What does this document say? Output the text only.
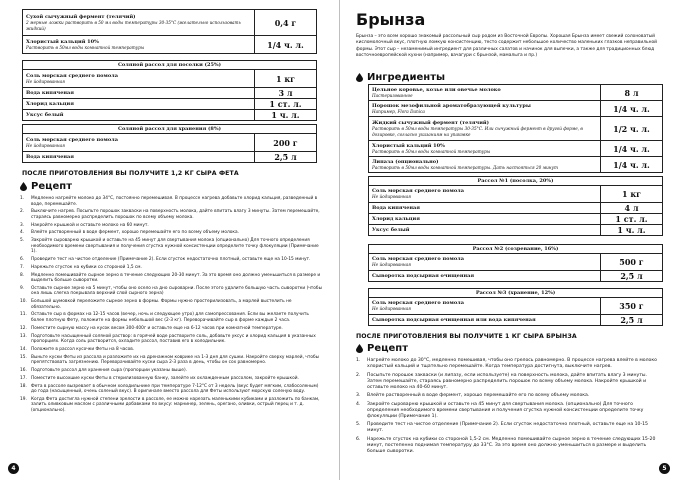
Сухой сычужный фермент (телячий)
2 мерные ложки растворить в 50 мл воды температуры 30-35°С (желательно использовать жидкий)	0,4 г

Хлористый кальций 10%
Растворить в 50мл воды комнатной температуры	1/4 ч. л.
Соляной рассол для посолки (25%)	

Соль морская среднего помола
Не йодированная	1 кг

Вода кипяченая	3 л

Хлорид кальция	1 ст. л.

Уксус белый	1 ч. л.
Соляной рассол для хранения (8%)	

Соль морская среднего помола
Не йодированная	200 г

Вода кипяченая	2,5 л
ПОСЛЕ ПРИГОТОВЛЕНИЯ ВЫ ПОЛУЧИТЕ 1,2 КГ СЫРА ФЕТА
Рецепт
1. Медленно нагрейте молоко до 34°С, постоянно перемешивая. В процессе нагрева добавьте хлорид кальция, разведенный в воде, перемешайте.
2. Выключите нагрев. Посыпьте порошок закваски на поверхность молока, дайте впитать влагу 3 минуты. Затем перемешайте, стараясь равномерно распределить порошок по всему объему молока.
3. Накройте крышкой и оставьте молоко на 60 минут.
4. Влейте растворенный в воде фермент, хорошо перемешайте его по всему объему молока.
5. Закройте сыроварню крышкой и оставьте на 45 минут для свертывания молока (опционально) Для точного определения необходимого времени свертывания и получения сгустка нужной консистенции определите точку флокуляции (Примечание 1).
6. Проведите тест на чистое отделение (Примечание 2). Если сгусток недостаточно плотный, оставьте еще на 10-15 минут.
7. Нарежьте сгусток на кубики со стороной 1,5 см.
8. Медленно помешивайте сырное зерно в течение следующих 20-30 минут. За это время оно должно уменьшиться в размере и выделить больше сыворотки.
9. Оставьте сырное зерно на 5 минут, чтобы оно осело на дно сыроварни. После этого удалите большую часть сыворотки (чтобы она лишь слегка покрывала верхний слой сырного зерна)
10. Большой шумовкой переложите сырное зерно в формы. Формы нужно простерилизовать, а марлей выстелить не обязательно.
11. Оставьте сыр в формах на 12-15 часов (вечер, ночь и следующее утро) для самопрессования. Если вы желаете получить более плотную Фету, положите на формы небольшой вес (2-3 кг). Переворачивайте сыр в форме каждые 2 часа.
12. Поместите сырную массу на кусок весом 300-400г и оставьте еще на 6-12 часов при комнатной температуре.
13. Подготовьте насыщенный соляной раствор: в горячей воде растворите соль, добавьте уксус и хлорид кальция в указанных пропорциях. Когда соль растворится, охладите рассол, поставив его в холодильник.
14. Положите в рассол кусочки Феты на 8 часов.
15. Выньте куски Феты из рассола и разложите их на дренажном коврике на 1-3 дня для сушки. Накройте сверху марлей, чтобы препятствовать загрязнению. Переворачивайте куски сыра 2-3 раза в день, чтобы он сох равномерно.
16. Подготовьте рассол для хранения сыра (пропорции указаны выше).
17. Поместите высохшие куски Феты в стерилизованную банку, залейте их охлажденным рассолом, закройте крышкой.
18. Фета в рассоле вызревает в обычном холодильнике при температуре 7-12°С от 3 недель (вкус будет мягким, слабосоленым) до года (насыщенный, очень соленый вкус). В оригинале вместо рассола для Феты используют морскую соленую воду.
19. Когда Фета достигла нужной степени зрелости в рассоле, ее можно нарезать маленькими кубиками и разложить по банкам, залить оливковым маслом с различными добавками по вкусу: марнинер, зелень, орегано, оливки, острый перец и т. д. (опционально).
4
Брынза
Брынза – это всем хорошо знакомый рассольный сыр родом из Восточной Европы. Хорошая Брынза имеет свежий солоноватый кисломолочный вкус, плотную ломкую консистенцию, тесто содержит небольшое количество маленьких глазков неправильной формы. Этот сыр – незаменимый ингредиент для различных салатов и начинок для выпечки, а также для традиционных блюд восточноевропейской кухни (например, вачагури с брынзой, мамалыга и пр.)
Ингредиенты
Цельное коровье, козье или овечье молоко
Пастеризованное	8 л

Порошок мезофильной ароматобразующей культуры
Например, Flora Danica	1/4 ч. л.

Жидкий сычужный фермент (телячий)
Растворить в 50мл воды температуры 30-35°С. Или сычужный фермент в другой форме, в дозировке, согласно указаниям на упаковке	1/2 ч. л.

Хлористый кальций 10%
Растворить в 50мл воды комнатной температуры	1/4 ч. л.

Липаза (опционально)
Растворить в 50мл воды комнатной температуры. Дать настояться 20 минут	1/4 ч. л.
Рассол №1 (посолка, 20%)	

Соль морская среднего помола
Не йодированная	1 кг

Вода кипяченая	4 л

Хлорид кальция	1 ст. л.

Уксус белый	1 ч. л.
Рассол №2 (созревание, 16%)	

Соль морская среднего помола
Не йодированная	500 г

Сыворотка подсырная очищенная	2,5 л
Рассол №3 (хранение, 12%)	

Соль морская среднего помола
Не йодированная	350 г

Сыворотка подсырная очищенная или вода кипяченая	2,5 л
ПОСЛЕ ПРИГОТОВЛЕНИЯ ВЫ ПОЛУЧИТЕ 1 КГ СЫРА БРЫНЗА
Рецепт
1. Нагрейте молоко до 30°С, медленно помешивая, чтобы оно грелось равномерно. В процессе нагрева влейте в молоко хлористый кальций и тщательно перемешайте. Когда температура достигнута, выключите нагрев.
2. Посыпьте порошок закваски (и липазу, если используете) на поверхность молока, дайте впитать влагу 3 минуты. Затем перемешайте, стараясь равномерно распределить порошок по всему объему молока. Накройте крышкой и оставьте молоко на 40-60 минут.
3. Влейте растворенный в воде фермент, хорошо перемешайте его по всему объему молока.
4. Закройте сыроварню крышкой и оставьте на 45 минут для свертывания молока. (опционально) Для точного определения необходимого времени свертывания и получения сгустка нужной консистенции определите точку флокуляции (Примечание 1).
5. Проведите тест на чистое отделение (Примечание 2). Если сгусток недостаточно плотный, оставьте еще на 10-15 минут.
6. Нарежьте сгусток на кубики со стороной 1,5-2 см. Медленно помешивайте сырное зерно в течение следующих 15-20 минут, постепенно поднимая температуру до 33°С. За это время оно должно уменьшиться в размере и выделить больше сыворотки.
5
